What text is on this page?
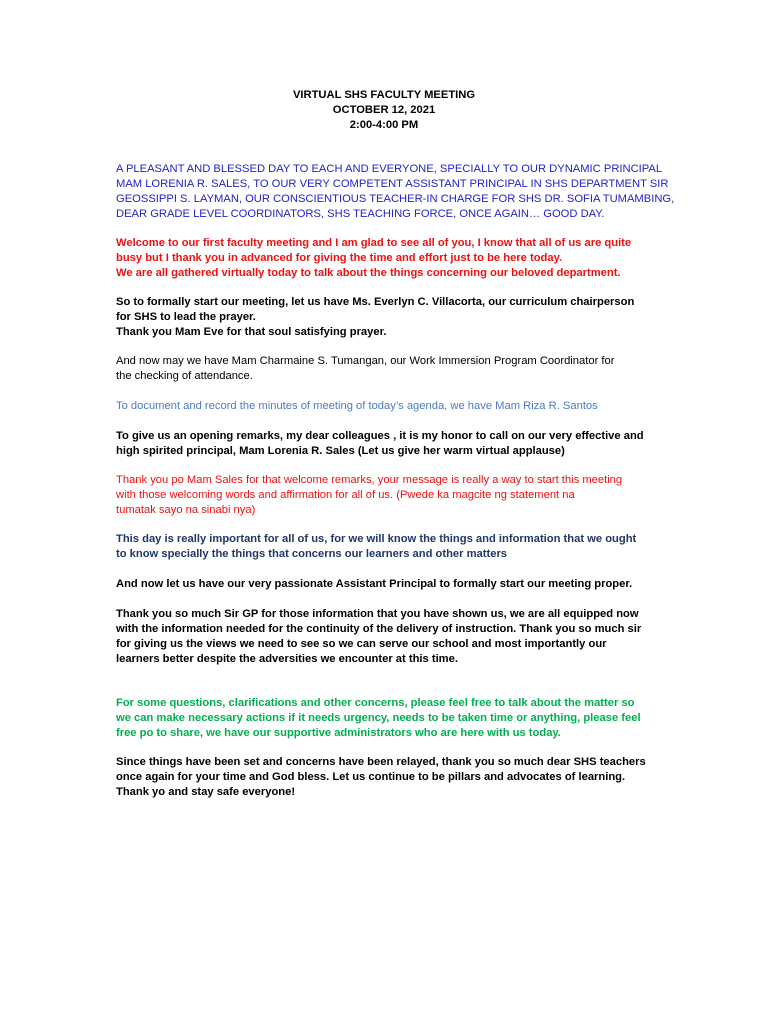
VIRTUAL SHS FACULTY MEETING
OCTOBER 12, 2021
2:00-4:00 PM
A PLEASANT AND BLESSED DAY TO EACH AND EVERYONE, SPECIALLY TO OUR DYNAMIC PRINCIPAL
MAM LORENIA R. SALES, TO OUR VERY COMPETENT ASSISTANT PRINCIPAL IN SHS DEPARTMENT SIR
GEOSSIPPI S. LAYMAN, OUR CONSCIENTIOUS TEACHER-IN CHARGE FOR SHS DR. SOFIA TUMAMBING,
DEAR GRADE LEVEL COORDINATORS, SHS TEACHING FORCE, ONCE AGAIN… GOOD DAY.
Welcome to our first faculty meeting and I am glad to see all of you, I know that all of us are quite
busy but I thank you in advanced for giving the time and effort just to be here today.
We are all gathered virtually today to talk about the things concerning our beloved department.
So to formally start our meeting, let us have Ms. Everlyn C. Villacorta, our curriculum chairperson
for SHS to lead the prayer.
Thank you Mam Eve for that soul satisfying prayer.
And now may we have Mam Charmaine S. Tumangan, our Work Immersion Program Coordinator for
the checking of attendance.
To document and record the minutes of meeting of today’s agenda, we have Mam Riza R. Santos
To give us an opening remarks, my dear colleagues , it is my honor to call on our very effective and
high spirited principal, Mam Lorenia R. Sales (Let us give her warm virtual applause)
Thank you po Mam Sales for that welcome remarks, your message is really a way to start this meeting
with those welcoming words and affirmation for all of us. (Pwede ka magcite ng statement na
tumatak sayo na sinabi nya)
This day is really important for all of us, for we will know the things and information that we ought
to know specially the things that concerns our learners and other matters
And now let us have our very passionate Assistant Principal to formally start our meeting proper.
Thank you so much Sir GP for those information that you have shown us, we are all equipped now
with the information needed for the continuity of the delivery of instruction. Thank you so much sir
for giving us the views we need to see so we can serve our school and most importantly our
learners better despite the adversities we encounter at this time.
For some questions, clarifications and other concerns, please feel free to talk about the matter so
we can make necessary actions if it needs urgency, needs to be taken time or anything, please feel
free po to share, we have our supportive administrators who are here with us today.
Since things have been set and concerns have been relayed, thank you so much dear SHS teachers
once again for your time and God bless. Let us continue to be pillars and advocates of learning.
Thank yo and stay safe everyone!
